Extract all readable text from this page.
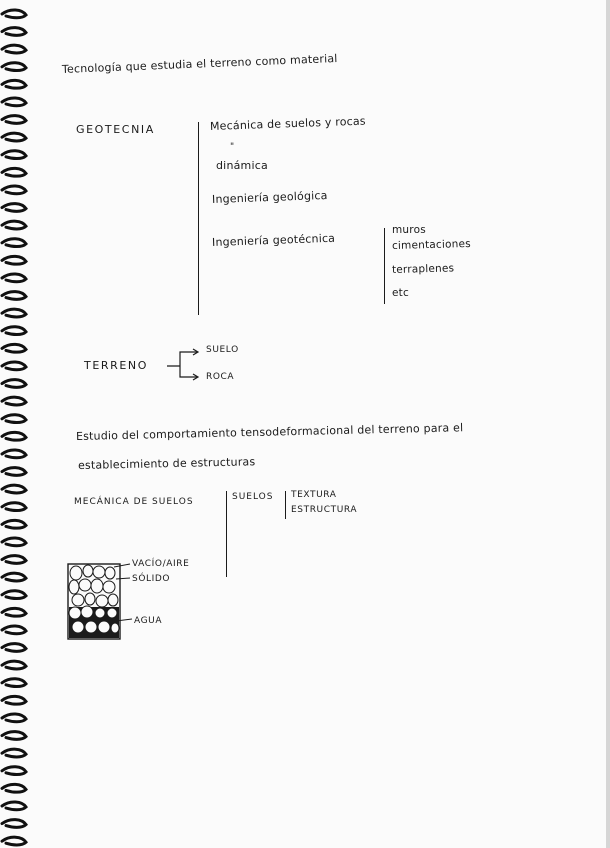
Tecnología que estudia el terreno como material
GEOTECNIA	Mecánica de suelos y rocas
"
dinámica
Ingeniería geológica
Ingeniería geotécnica
muros
cimentaciones
terraplenes
etc
TERRENO
SUELO
ROCA
Estudio del comportamiento tensodeformacional del terreno para el
establecimiento de estructuras
MECÁNICA DE SUELOS	SUELOS TEXTURA
ESTRUCTURA
VACÍO/AIRE
SÓLIDO
AGUA
